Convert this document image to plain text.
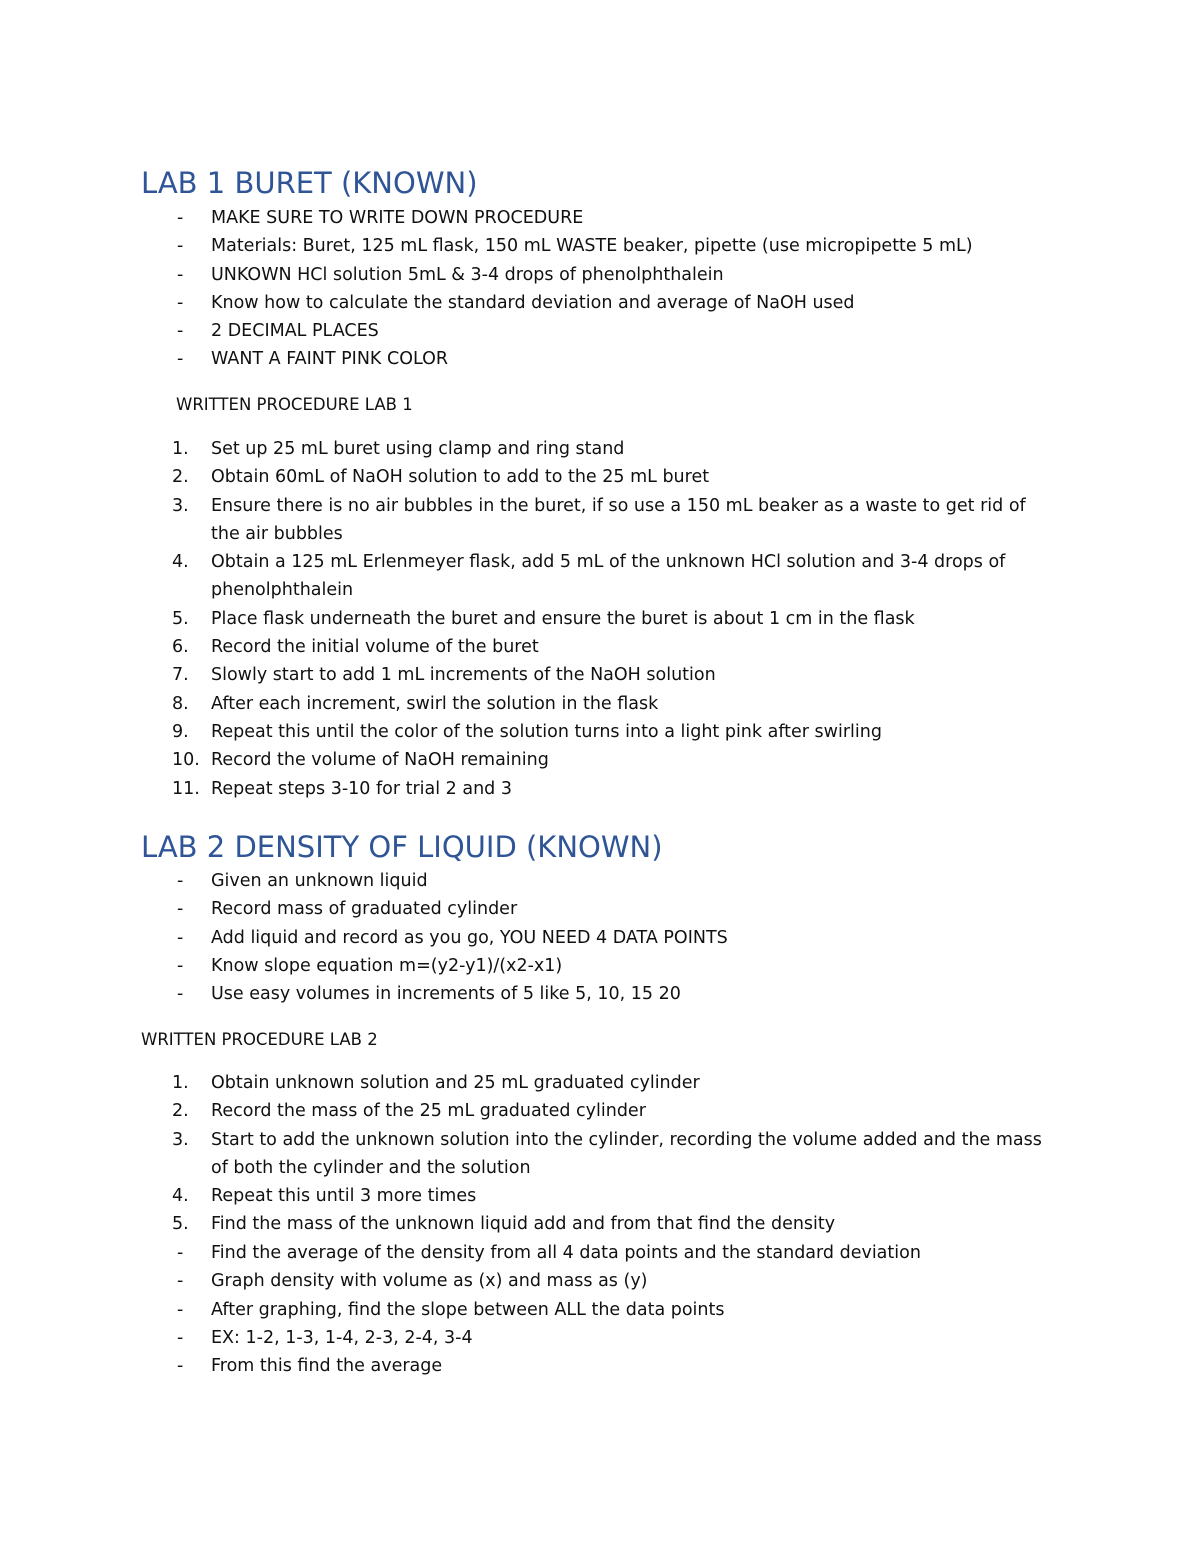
LAB 1 BURET (KNOWN)
- MAKE SURE TO WRITE DOWN PROCEDURE
- Materials: Buret, 125 mL flask, 150 mL WASTE beaker, pipette (use micropipette 5 mL)
- UNKOWN HCl solution 5mL & 3-4 drops of phenolphthalein
- Know how to calculate the standard deviation and average of NaOH used
- 2 DECIMAL PLACES
- WANT A FAINT PINK COLOR

WRITTEN PROCEDURE LAB 1

1.	Set up 25 mL buret using clamp and ring stand
2.	Obtain 60mL of NaOH solution to add to the 25 mL buret
3.	Ensure there is no air bubbles in the buret, if so use a 150 mL beaker as a waste to get rid of the air bubbles
4.	Obtain a 125 mL Erlenmeyer flask, add 5 mL of the unknown HCl solution and 3-4 drops of phenolphthalein
5.	Place flask underneath the buret and ensure the buret is about 1 cm in the flask
6.	Record the initial volume of the buret
7.	Slowly start to add 1 mL increments of the NaOH solution
8.	After each increment, swirl the solution in the flask
9.	Repeat this until the color of the solution turns into a light pink after swirling
10. Record the volume of NaOH remaining
11. Repeat steps 3-10 for trial 2 and 3
LAB 2 DENSITY OF LIQUID (KNOWN)
- Given an unknown liquid
- Record mass of graduated cylinder
- Add liquid and record as you go, YOU NEED 4 DATA POINTS
- Know slope equation m=(y2-y1)/(x2-x1)
- Use easy volumes in increments of 5 like 5, 10, 15 20

WRITTEN PROCEDURE LAB 2

1.	Obtain unknown solution and 25 mL graduated cylinder
2.	Record the mass of the 25 mL graduated cylinder
3.	Start to add the unknown solution into the cylinder, recording the volume added and the mass of both the cylinder and the solution
4.	Repeat this until 3 more times
5.	Find the mass of the unknown liquid add and from that find the density
- Find the average of the density from all 4 data points and the standard deviation
- Graph density with volume as (x) and mass as (y)
- After graphing, find the slope between ALL the data points
- EX: 1-2, 1-3, 1-4, 2-3, 2-4, 3-4
- From this find the average
